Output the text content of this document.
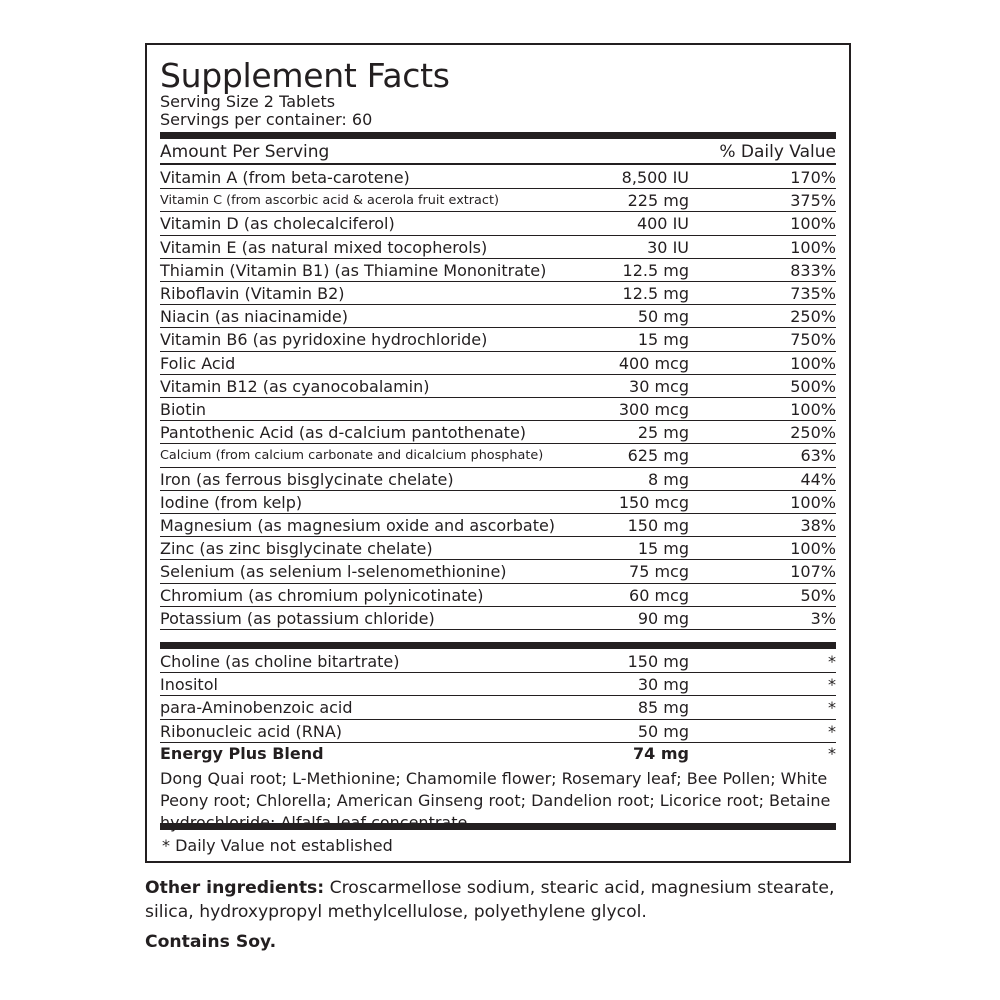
Supplement Facts
Serving Size 2 Tablets
Servings per container: 60
Amount Per Serving	% Daily Value
Vitamin A (from beta-carotene)	8,500 IU	170%
Vitamin C (from ascorbic acid & acerola fruit extract)	225 mg	375%
Vitamin D (as cholecalciferol)	400 IU	100%
Vitamin E (as natural mixed tocopherols)	30 IU	100%
Thiamin (Vitamin B1) (as Thiamine Mononitrate)	12.5 mg	833%
Riboflavin (Vitamin B2)	12.5 mg	735%
Niacin (as niacinamide)	50 mg	250%
Vitamin B6 (as pyridoxine hydrochloride)	15 mg	750%
Folic Acid	400 mcg	100%
Vitamin B12 (as cyanocobalamin)	30 mcg	500%
Biotin	300 mcg	100%
Pantothenic Acid (as d-calcium pantothenate)	25 mg	250%
Calcium (from calcium carbonate and dicalcium phosphate)	625 mg	63%
Iron (as ferrous bisglycinate chelate)	8 mg	44%
Iodine (from kelp)	150 mcg	100%
Magnesium (as magnesium oxide and ascorbate)	150 mg	38%
Zinc (as zinc bisglycinate chelate)	15 mg	100%
Selenium (as selenium l-selenomethionine)	75 mcg	107%
Chromium (as chromium polynicotinate)	60 mcg	50%
Potassium (as potassium chloride)	90 mg	3%
Choline (as choline bitartrate)	150 mg	*
Inositol	30 mg	*
para-Aminobenzoic acid	85 mg	*
Ribonucleic acid (RNA)	50 mg	*
Energy Plus Blend	74 mg	*
Dong Quai root; L-Methionine; Chamomile flower; Rosemary leaf; Bee Pollen; White Peony root; Chlorella; American Ginseng root; Dandelion root; Licorice root; Betaine
* Daily Value not established
Other ingredients: Croscarmellose sodium, stearic acid, magnesium stearate, silica, hydroxypropyl methylcellulose, polyethylene glycol.
Contains Soy.
